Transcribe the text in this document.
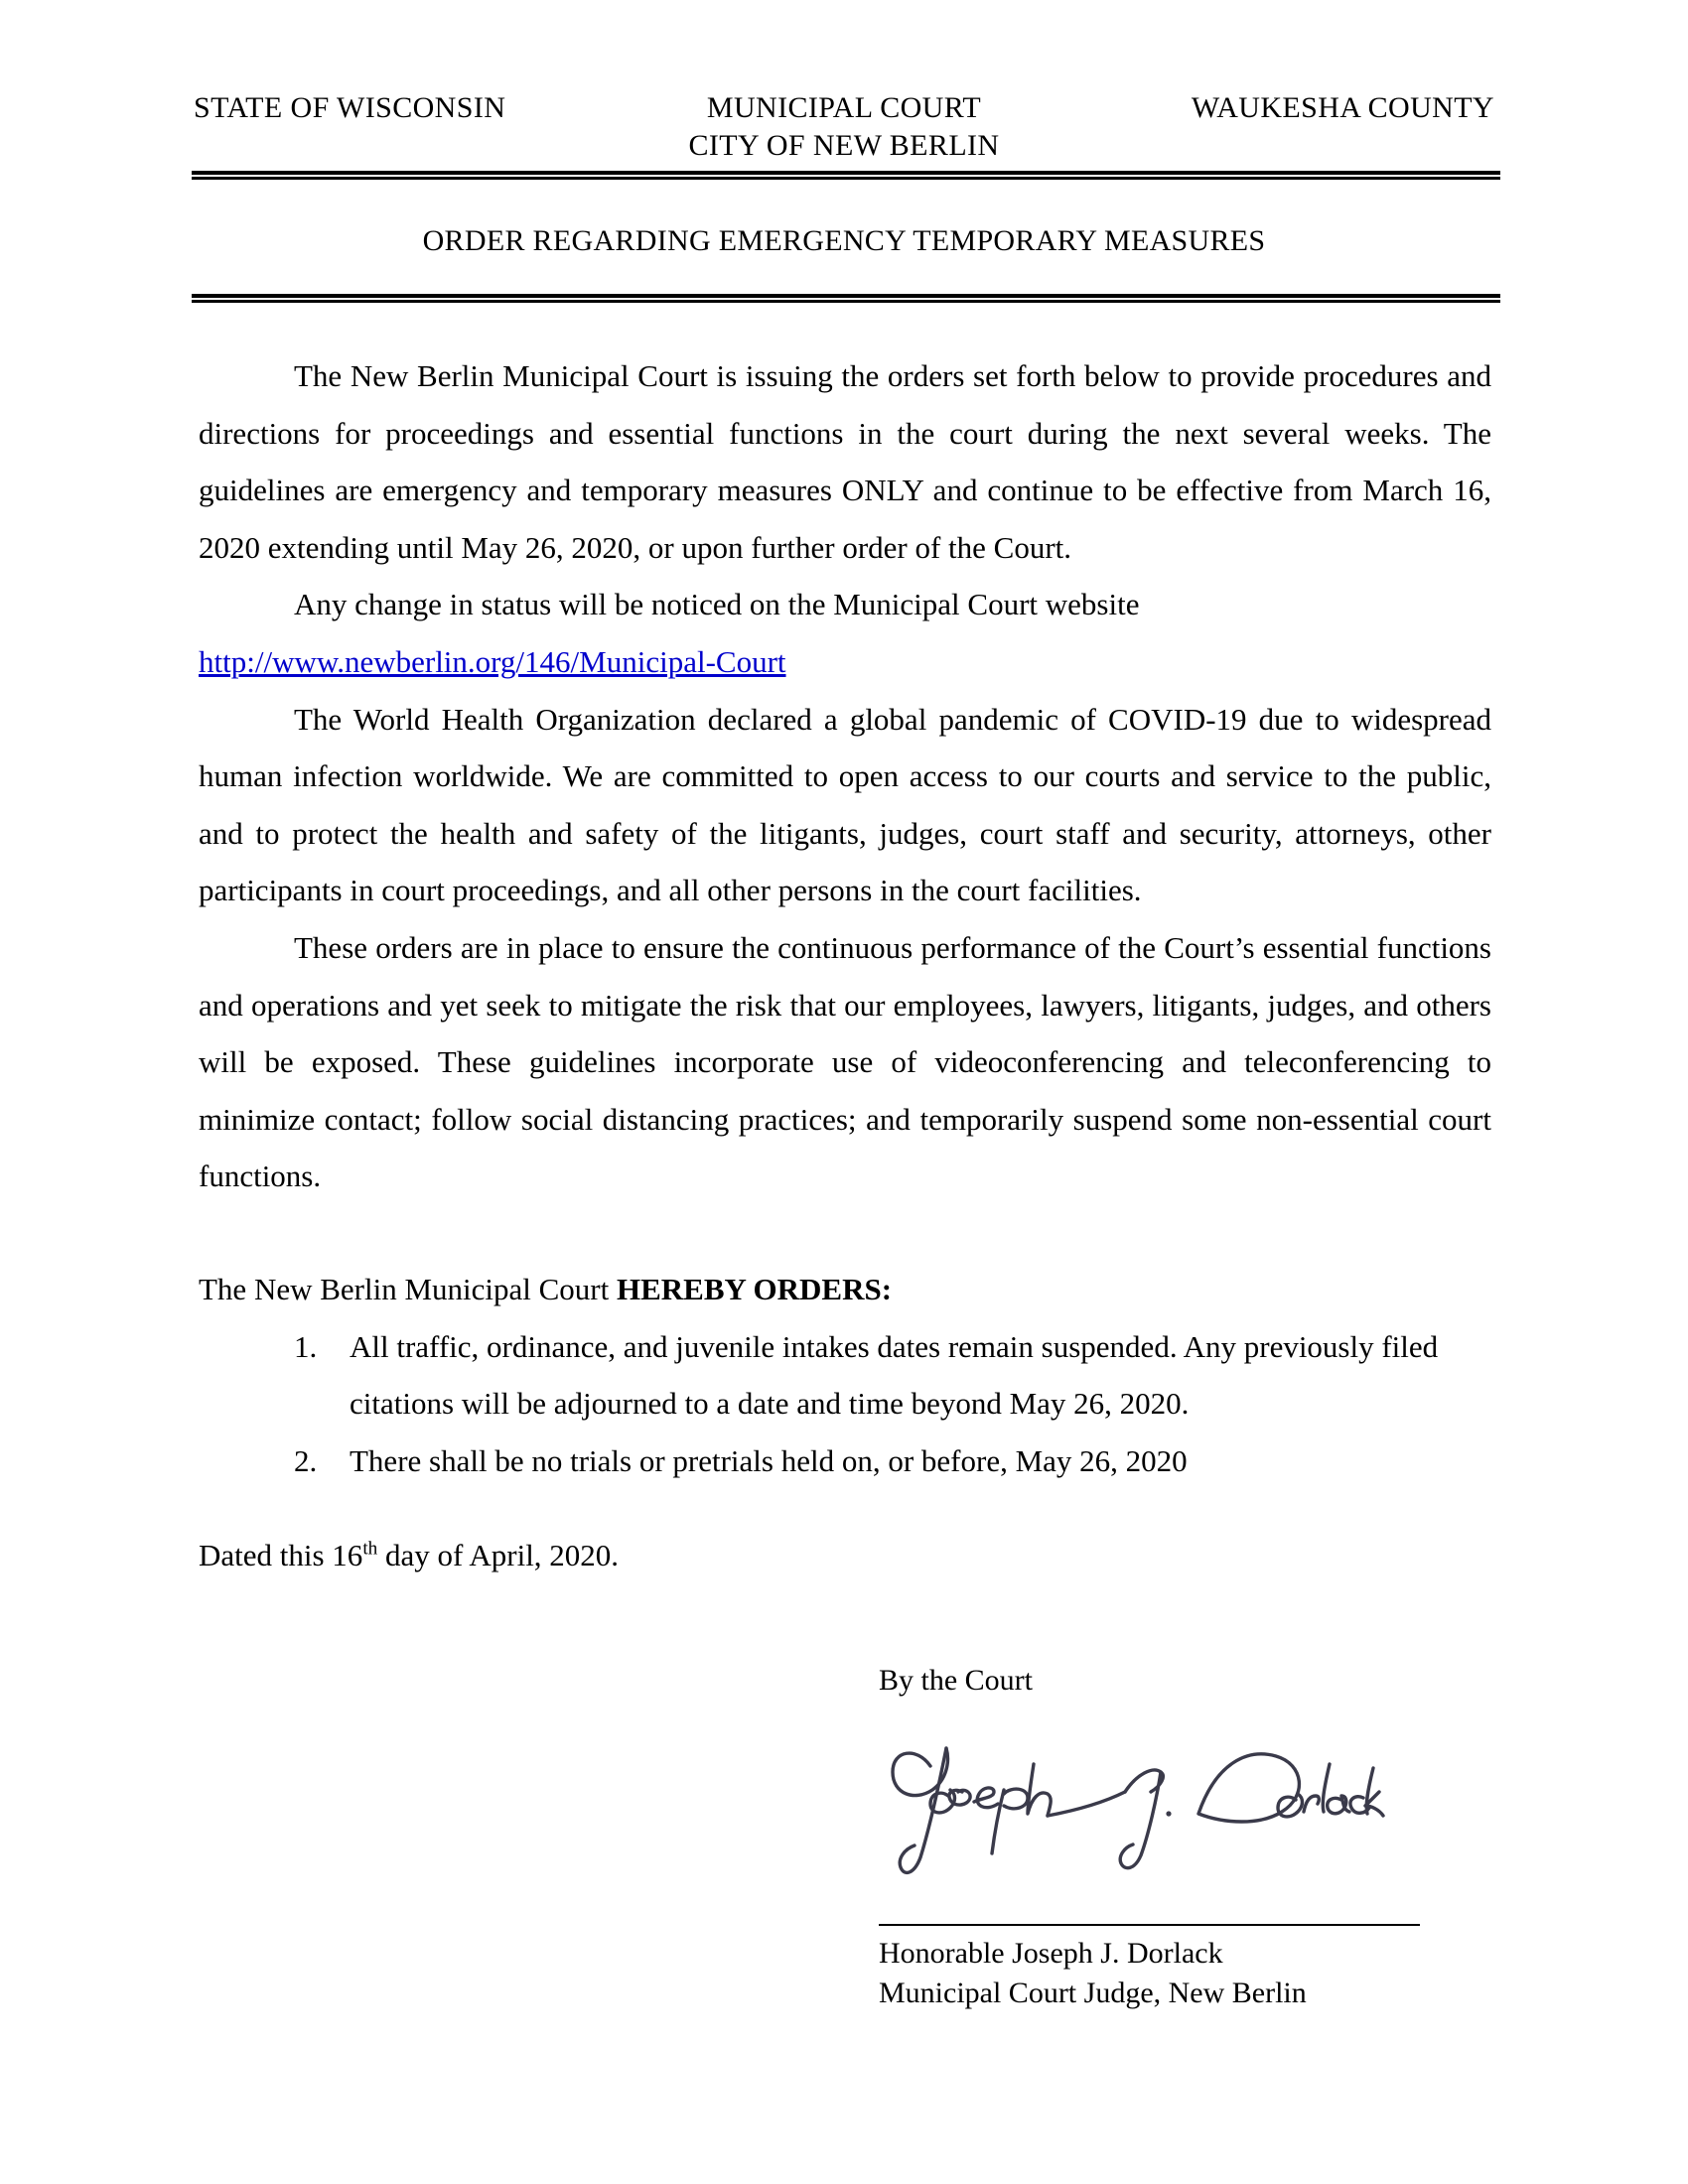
STATE OF WISCONSIN	MUNICIPAL COURT
CITY OF NEW BERLIN
WAUKESHA COUNTY
ORDER REGARDING EMERGENCY TEMPORARY MEASURES

The New Berlin Municipal Court is issuing the orders set forth below to provide procedures and directions for proceedings and essential functions in the court during the next several weeks. The guidelines are emergency and temporary measures ONLY and continue to be effective from March 16, 2020 extending until May 26, 2020, or upon further order of the Court.

Any change in status will be noticed on the Municipal Court website

http://www.newberlin.org/146/Municipal-Court

The World Health Organization declared a global pandemic of COVID-19 due to widespread human infection worldwide. We are committed to open access to our courts and service to the public, and to protect the health and safety of the litigants, judges, court staff and security, attorneys, other participants in court proceedings, and all other persons in the court facilities.

These orders are in place to ensure the continuous performance of the Court’s essential functions and operations and yet seek to mitigate the risk that our employees, lawyers, litigants, judges, and others will be exposed. These guidelines incorporate use of videoconferencing and teleconferencing to minimize contact; follow social distancing practices; and temporarily suspend some non-essential court functions.

The New Berlin Municipal Court HEREBY ORDERS:
All traffic, ordinance, and juvenile intakes dates remain suspended. Any previously filed citations will be adjourned to a date and time beyond May 26, 2020.
There shall be no trials or pretrials held on, or before, May 26, 2020
Dated this 16th day of April, 2020.
By the Court
Honorable Joseph J. Dorlack
Municipal Court Judge, New Berlin
